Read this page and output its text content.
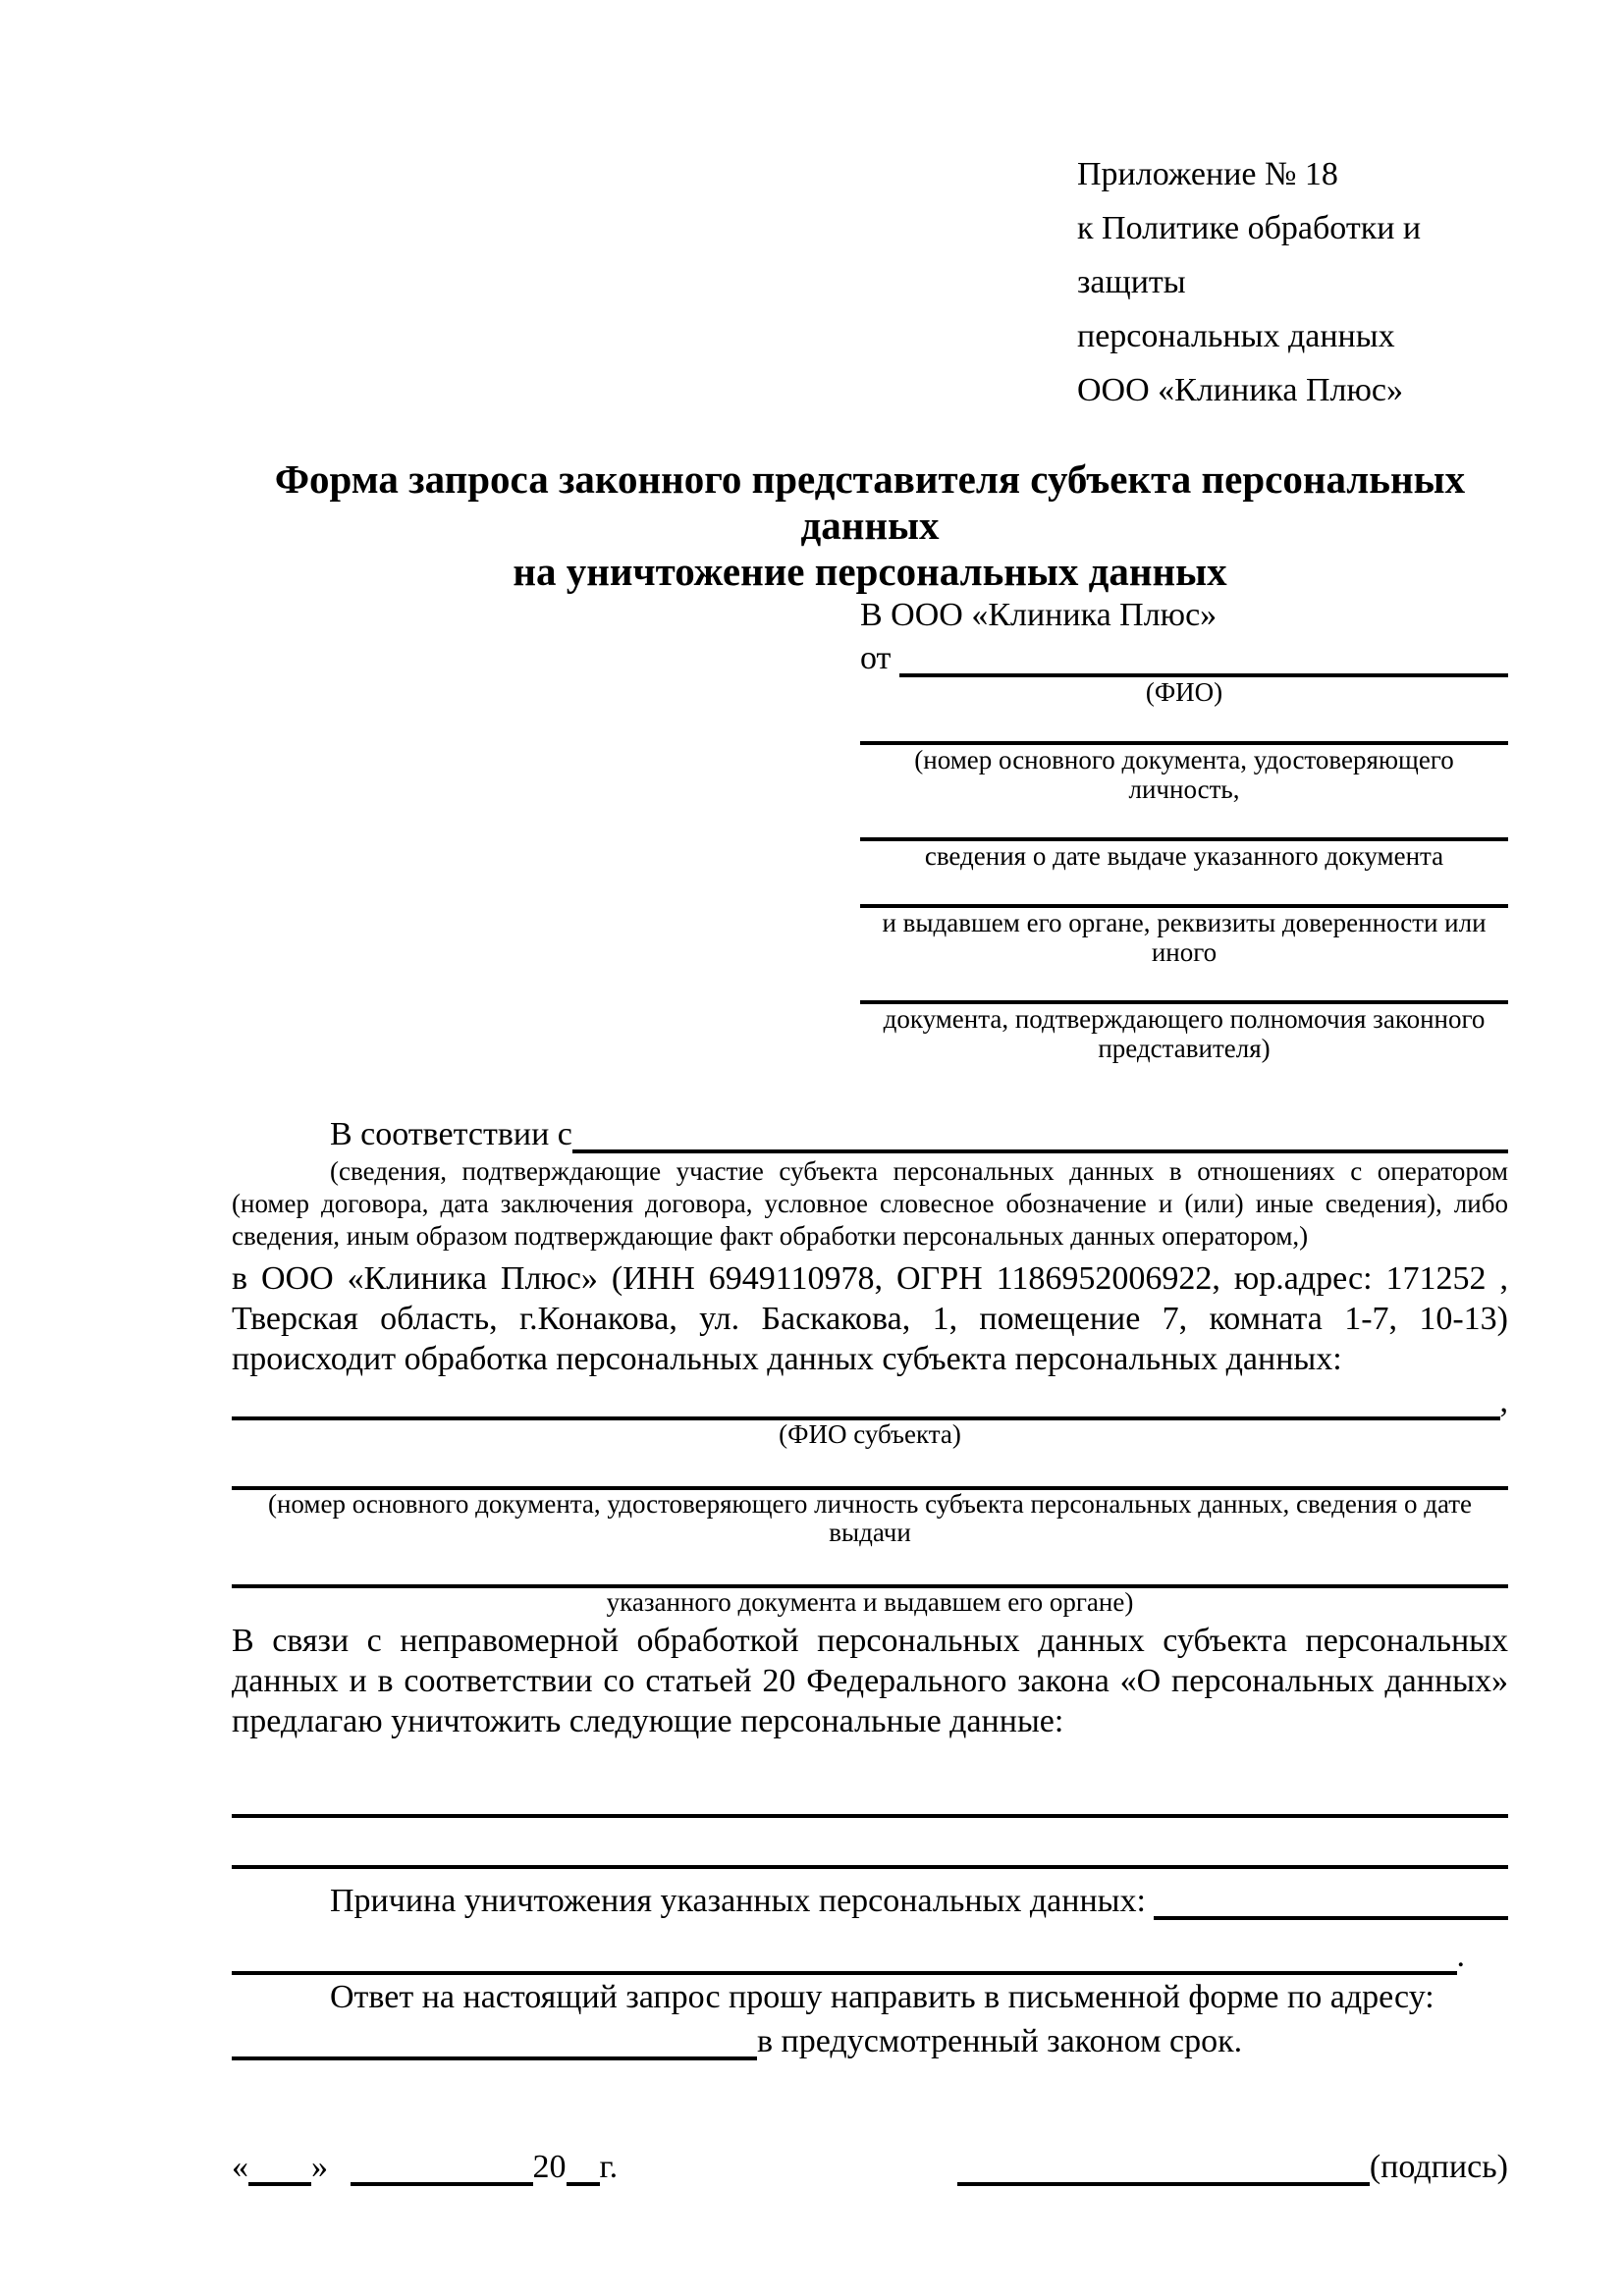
Приложение № 18
к Политике обработки и защиты
персональных данных
ООО «Клиника Плюс»
Форма запроса законного представителя субъекта персональных данных
на уничтожение персональных данных
В ООО «Клиника Плюс»
от
(ФИО)
(номер основного документа, удостоверяющего личность,
сведения о дате выдаче указанного документа
и выдавшем его органе, реквизиты доверенности или иного
документа, подтверждающего полномочия законного представителя)
В соответствии с
(сведения, подтверждающие участие субъекта персональных данных в отношениях с оператором (номер договора, дата заключения договора, условное словесное обозначение и (или) иные сведения), либо сведения, иным образом подтверждающие факт обработки персональных данных оператором,)
в ООО «Клиника Плюс» (ИНН 6949110978, ОГРН 1186952006922, юр.адрес: 171252 , Тверская область, г.Конакова, ул. Баскакова, 1, помещение 7, комната 1-7, 10-13) происходит обработка персональных данных субъекта персональных данных:
,
(ФИО субъекта)
(номер основного документа, удостоверяющего личность субъекта персональных данных, сведения о дате выдачи
указанного документа и выдавшем его органе)
В связи с неправомерной обработкой персональных данных субъекта персональных данных и в соответствии со статьей 20 Федерального закона «О персональных данных» предлагаю уничтожить следующие персональные данные:
Причина уничтожения указанных персональных данных:
.
Ответ на настоящий запрос прошу направить в письменной форме по адресу:
в предусмотренный законом срок.
« »	20 г.	(подпись)
